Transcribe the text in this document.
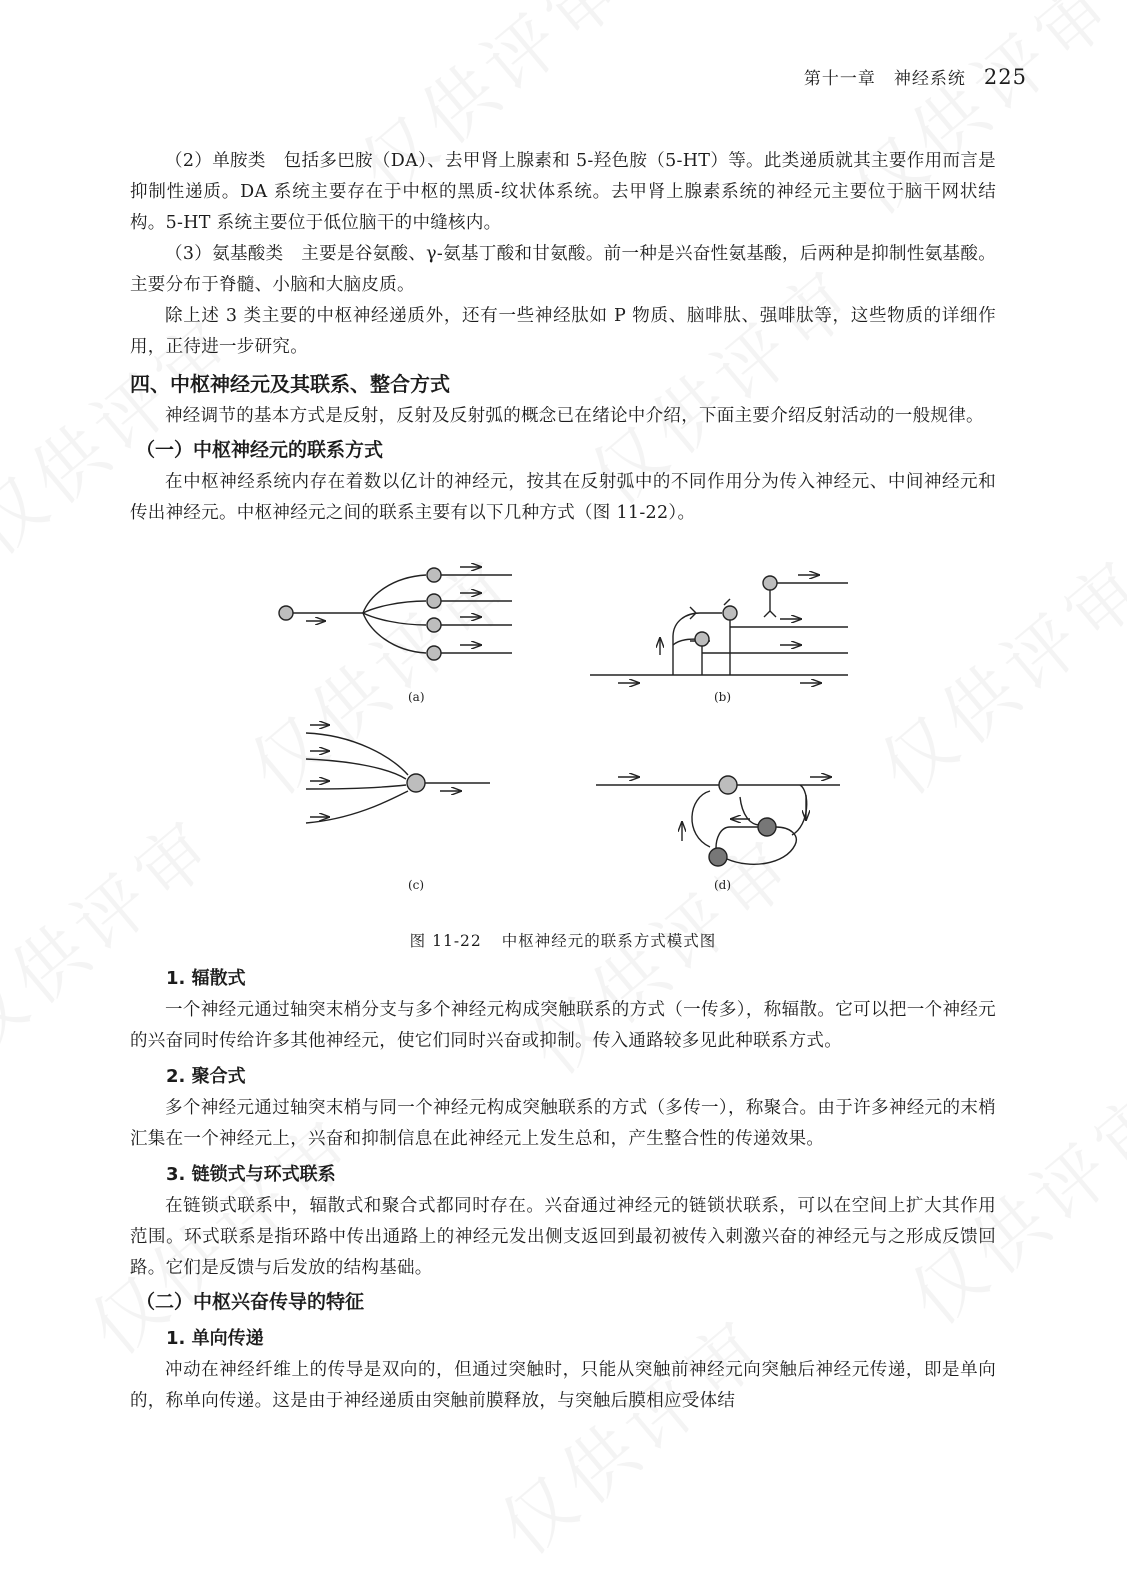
第十一章　神经系统 225

（2）单胺类　包括多巴胺（DA）、去甲肾上腺素和 5-羟色胺（5-HT）等。此类递质就其主要作用而言是抑制性递质。DA 系统主要存在于中枢的黑质-纹状体系统。去甲肾上腺素系统的神经元主要位于脑干网状结构。5-HT 系统主要位于低位脑干的中缝核内。

（3）氨基酸类　主要是谷氨酸、γ-氨基丁酸和甘氨酸。前一种是兴奋性氨基酸，后两种是抑制性氨基酸。主要分布于脊髓、小脑和大脑皮质。

除上述 3 类主要的中枢神经递质外，还有一些神经肽如 P 物质、脑啡肽、强啡肽等，这些物质的详细作用，正待进一步研究。

四、中枢神经元及其联系、整合方式

神经调节的基本方式是反射，反射及反射弧的概念已在绪论中介绍，下面主要介绍反射活动的一般规律。

（一）中枢神经元的联系方式

在中枢神经系统内存在着数以亿计的神经元，按其在反射弧中的不同作用分为传入神经元、中间神经元和传出神经元。中枢神经元之间的联系主要有以下几种方式（图 11-22）。

(a)	(b)
(c)	(d)
图 11-22 中枢神经元的联系方式模式图
1. 辐散式

一个神经元通过轴突末梢分支与多个神经元构成突触联系的方式（一传多），称辐散。它可以把一个神经元的兴奋同时传给许多其他神经元，使它们同时兴奋或抑制。传入通路较多见此种联系方式。

2. 聚合式

多个神经元通过轴突末梢与同一个神经元构成突触联系的方式（多传一），称聚合。由于许多神经元的末梢汇集在一个神经元上，兴奋和抑制信息在此神经元上发生总和，产生整合性的传递效果。

3. 链锁式与环式联系

在链锁式联系中，辐散式和聚合式都同时存在。兴奋通过神经元的链锁状联系，可以在空间上扩大其作用范围。环式联系是指环路中传出通路上的神经元发出侧支返回到最初被传入刺激兴奋的神经元与之形成反馈回路。它们是反馈与后发放的结构基础。

（二）中枢兴奋传导的特征
1. 单向传递

冲动在神经纤维上的传导是双向的，但通过突触时，只能从突触前神经元向突触后神经元传递，即是单向的，称单向传递。这是由于神经递质由突触前膜释放，与突触后膜相应受体结
